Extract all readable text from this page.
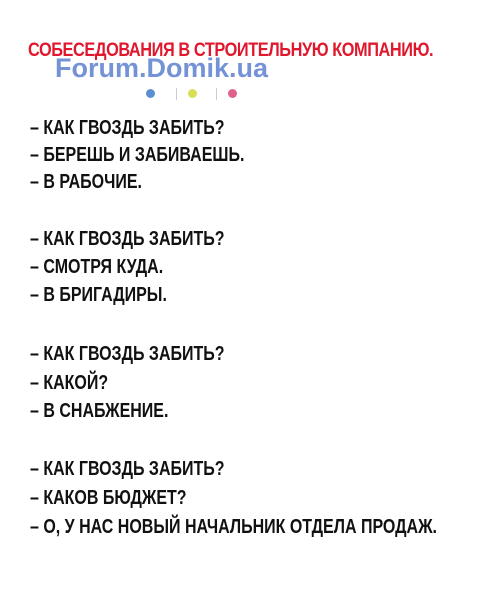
СОБЕСЕДОВАНИЯ В СТРОИТЕЛЬНУЮ КОМПАНИЮ.
Forum.Domik.ua
– КАК ГВОЗДЬ ЗАБИТЬ?
– БЕРЕШЬ И ЗАБИВАЕШЬ.
– В РАБОЧИЕ.
– КАК ГВОЗДЬ ЗАБИТЬ?
– СМОТРЯ КУДА.
– В БРИГАДИРЫ.
– КАК ГВОЗДЬ ЗАБИТЬ?
– КАКОЙ?
– В СНАБЖЕНИЕ.
– КАК ГВОЗДЬ ЗАБИТЬ?
– КАКОВ БЮДЖЕТ?
– О, У НАС НОВЫЙ НАЧАЛЬНИК ОТДЕЛА ПРОДАЖ.
